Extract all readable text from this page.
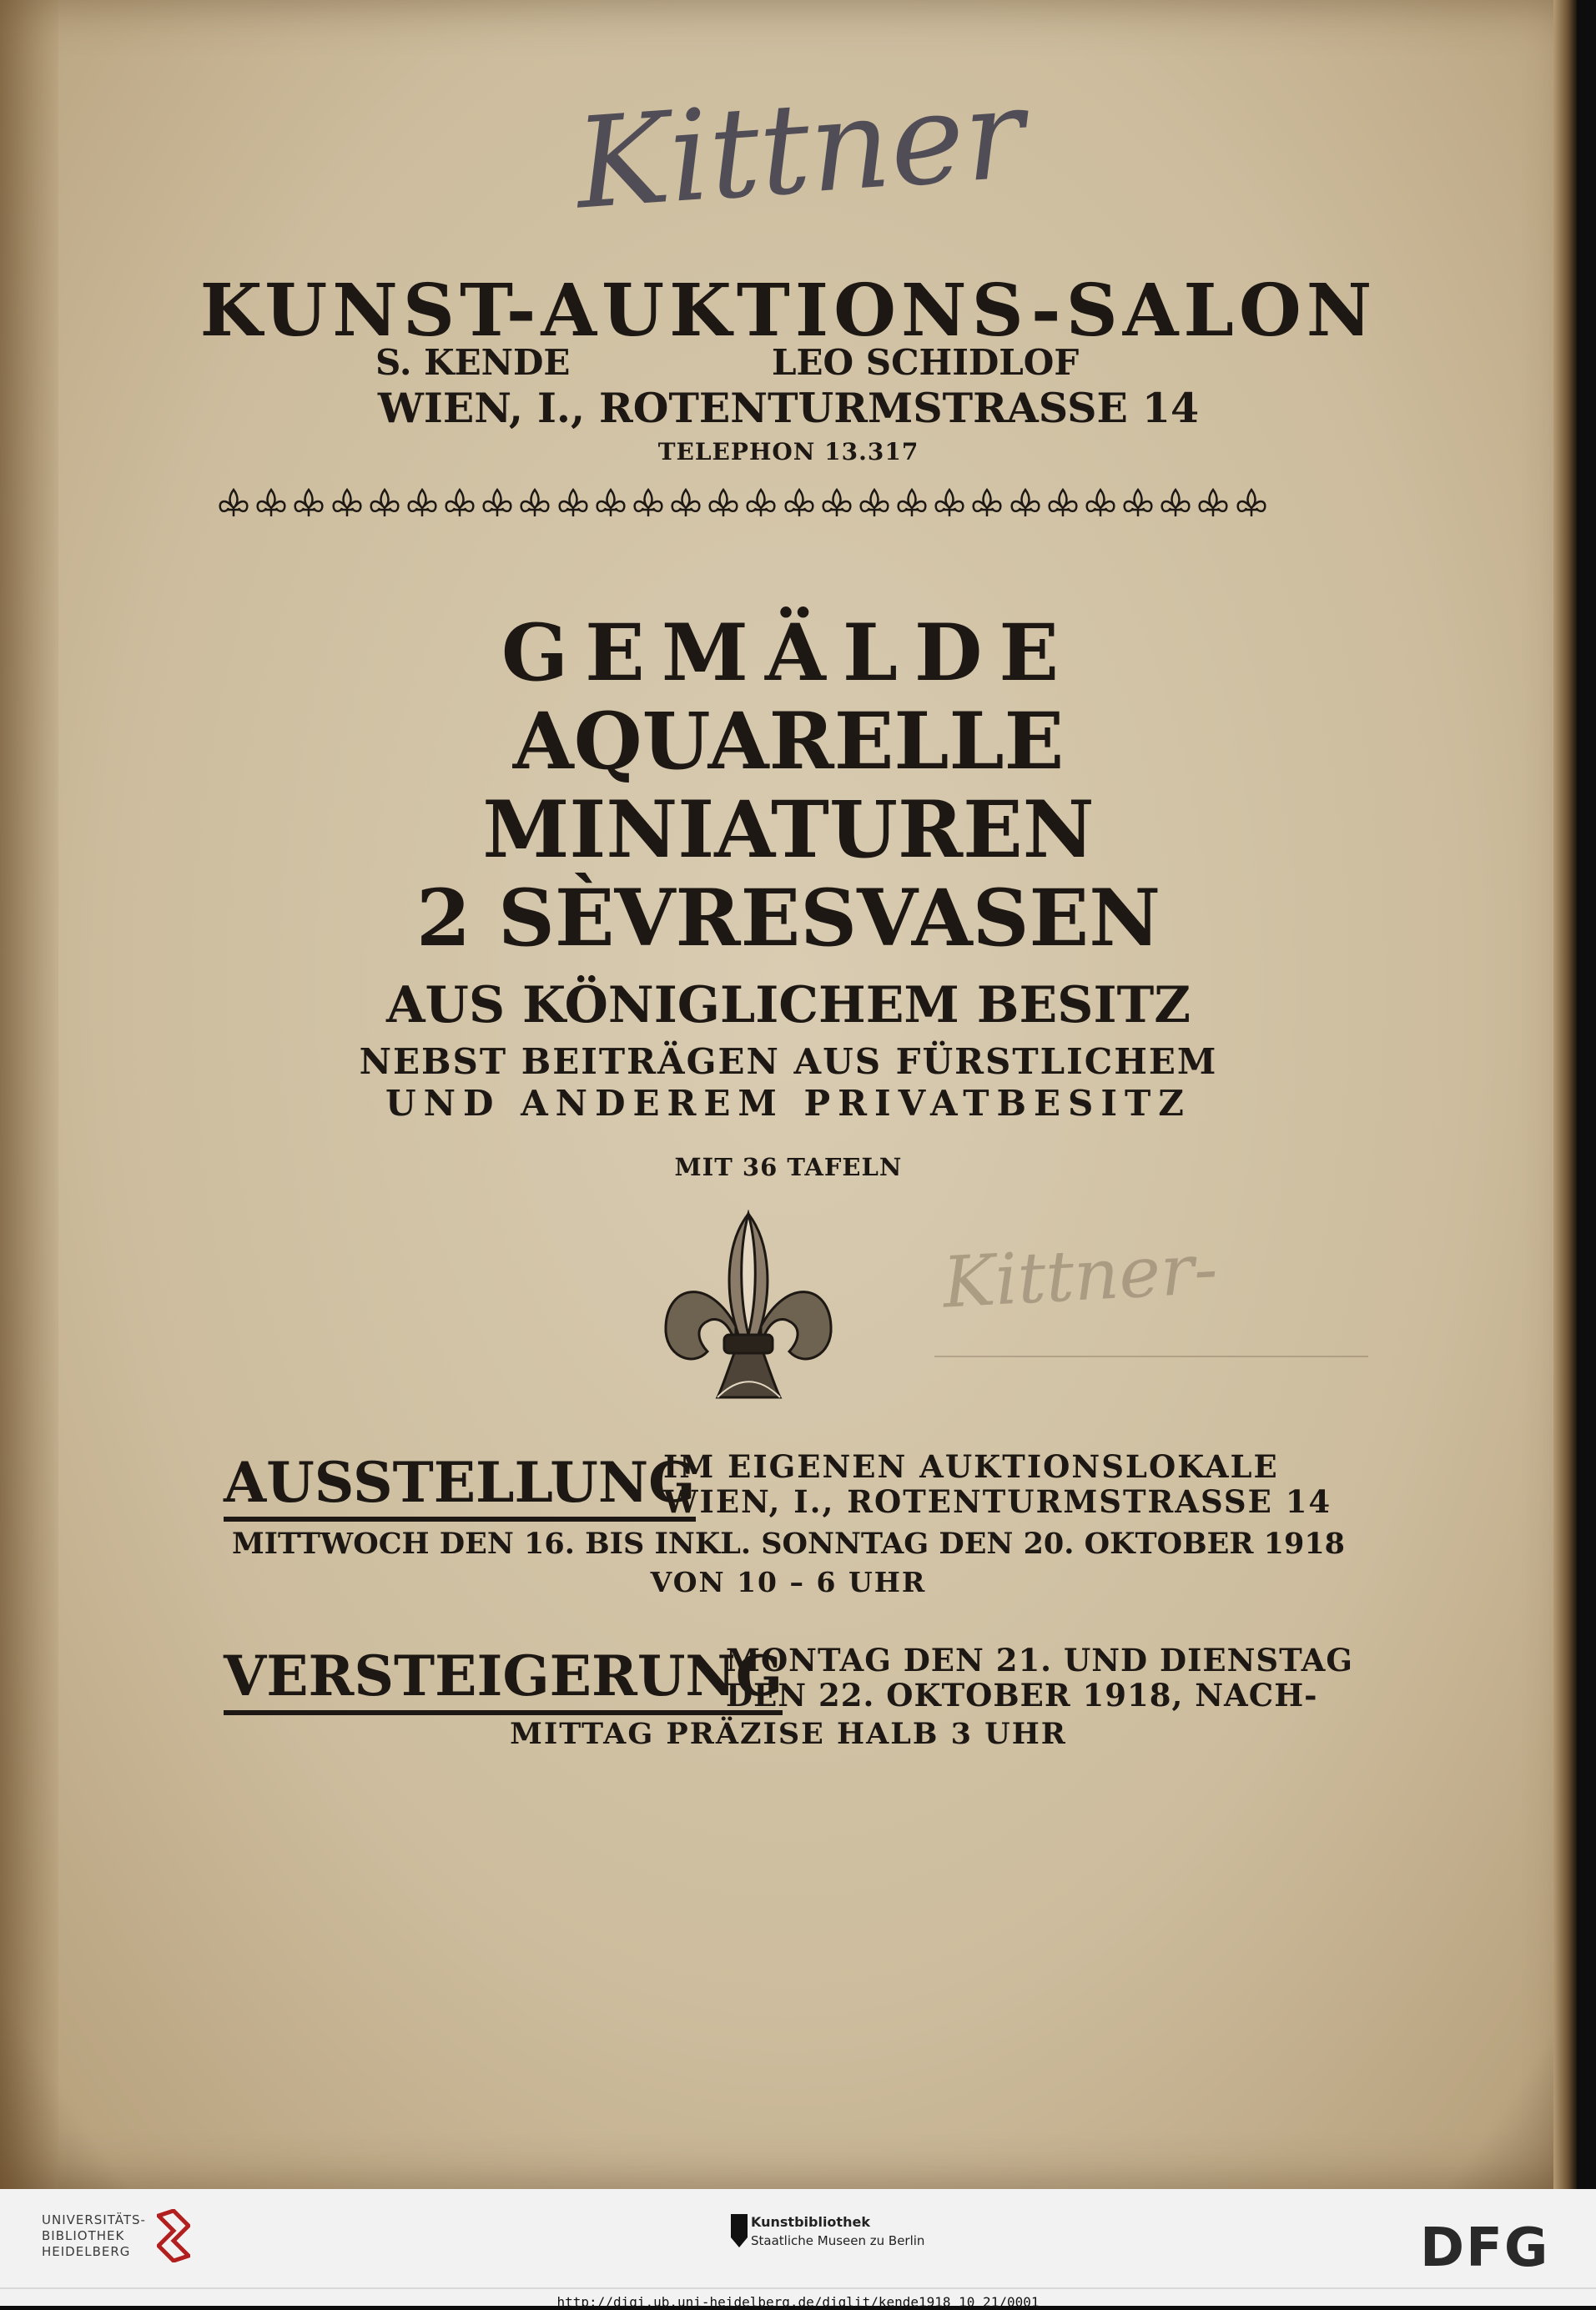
Kittner

KUNST-AUKTIONS-SALON

S. KENDE	LEO SCHIDLOF

WIEN, I., ROTENTURMSTRASSE 14

TELEPHON 13.317

GEMÄLDE

AQUARELLE

MINIATUREN

2 SÈVRESVASEN

AUS KÖNIGLICHEM BESITZ

NEBST BEITRÄGEN AUS FÜRSTLICHEM

UND ANDEREM PRIVATBESITZ

MIT 36 TAFELN

Kittner-
AUSSTELLUNG
IM EIGENEN AUKTIONSLOKALE
WIEN, I., ROTENTURMSTRASSE 14

MITTWOCH DEN 16. BIS INKL. SONNTAG DEN 20. OKTOBER 1918

VON 10 – 6 UHR

VERSTEIGERUNG
MONTAG DEN 21. UND DIENSTAG
DEN 22. OKTOBER 1918, NACH-

MITTAG PRÄZISE HALB 3 UHR

UNIVERSITÄTS-
BIBLIOTHEK
HEIDELBERG
Kunstbibliothek
Staatliche Museen zu Berlin	DFG
http://digi.ub.uni-heidelberg.de/diglit/kende1918_10_21/0001
